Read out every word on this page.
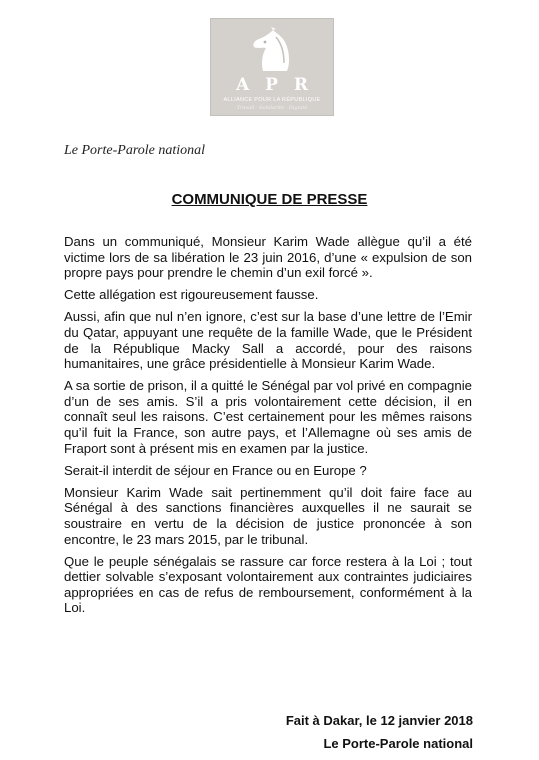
APR
ALLIANCE POUR LA RÉPUBLIQUE
Travail · Solidarité · Dignité
Le Porte-Parole national
COMMUNIQUE DE PRESSE

Dans un communiqué, Monsieur Karim Wade allègue qu’il a été victime lors de sa libération le 23 juin 2016, d’une « expulsion de son propre pays pour prendre le chemin d’un exil forcé ».

Cette allégation est rigoureusement fausse.

Aussi, afin que nul n’en ignore, c’est sur la base d’une lettre de l’Emir du Qatar, appuyant une requête de la famille Wade, que le Président de la République Macky Sall a accordé, pour des raisons humanitaires, une grâce présidentielle à Monsieur Karim Wade.

A sa sortie de prison, il a quitté le Sénégal par vol privé en compagnie d’un de ses amis. S’il a pris volontairement cette décision, il en connaît seul les raisons. C’est certainement pour les mêmes raisons qu’il fuit la France, son autre pays, et l’Allemagne où ses amis de Fraport sont à présent mis en examen par la justice.

Serait-il interdit de séjour en France ou en Europe ?

Monsieur Karim Wade sait pertinemment qu’il doit faire face au Sénégal à des sanctions financières auxquelles il ne saurait se soustraire en vertu de la décision de justice prononcée à son encontre, le 23 mars 2015, par le tribunal.

Que le peuple sénégalais se rassure car force restera à la Loi ; tout dettier solvable s’exposant volontairement aux contraintes judiciaires appropriées en cas de refus de remboursement, conformément à la Loi.

Fait à Dakar, le 12 janvier 2018
Le Porte-Parole national
